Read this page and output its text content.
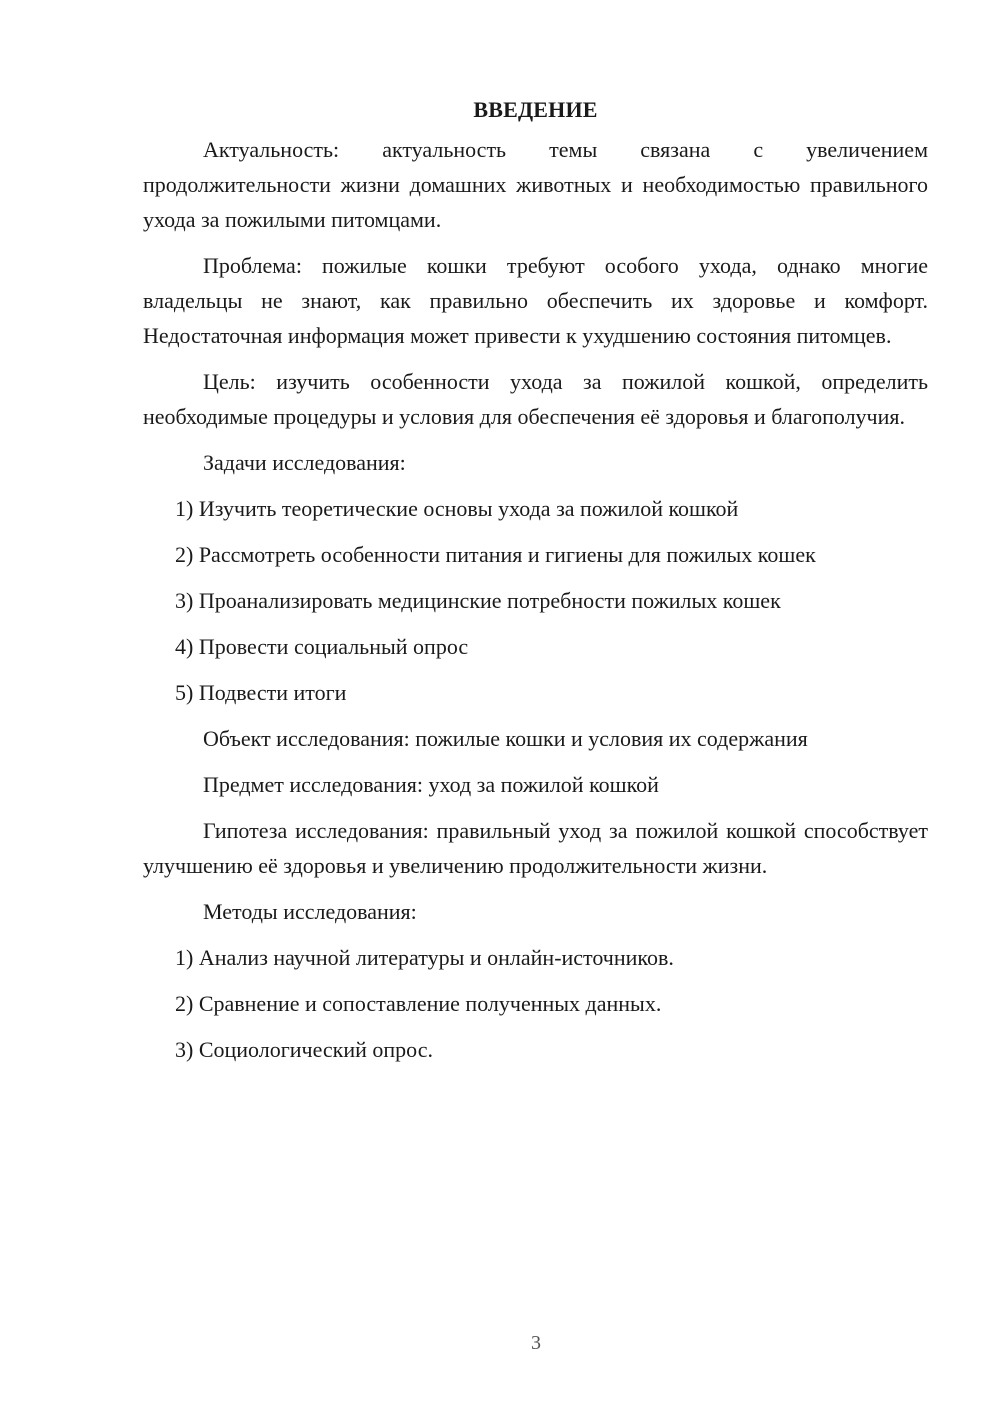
ВВЕДЕНИЕ

Актуальность: актуальность темы связана с увеличением продолжительности жизни домашних животных и необходимостью правильного ухода за пожилыми питомцами.

Проблема: пожилые кошки требуют особого ухода, однако многие владельцы не знают, как правильно обеспечить их здоровье и комфорт. Недостаточная информация может привести к ухудшению состояния питомцев.

Цель: изучить особенности ухода за пожилой кошкой, определить необходимые процедуры и условия для обеспечения её здоровья и благополучия.

Задачи исследования:

1) Изучить теоретические основы ухода за пожилой кошкой

2) Рассмотреть особенности питания и гигиены для пожилых кошек

3) Проанализировать медицинские потребности пожилых кошек

4) Провести социальный опрос

5) Подвести итоги

Объект исследования: пожилые кошки и условия их содержания

Предмет исследования: уход за пожилой кошкой

Гипотеза исследования: правильный уход за пожилой кошкой способствует улучшению её здоровья и увеличению продолжительности жизни.

Методы исследования:

1) Анализ научной литературы и онлайн-источников.

2) Сравнение и сопоставление полученных данных.

3) Социологический опрос.

3
